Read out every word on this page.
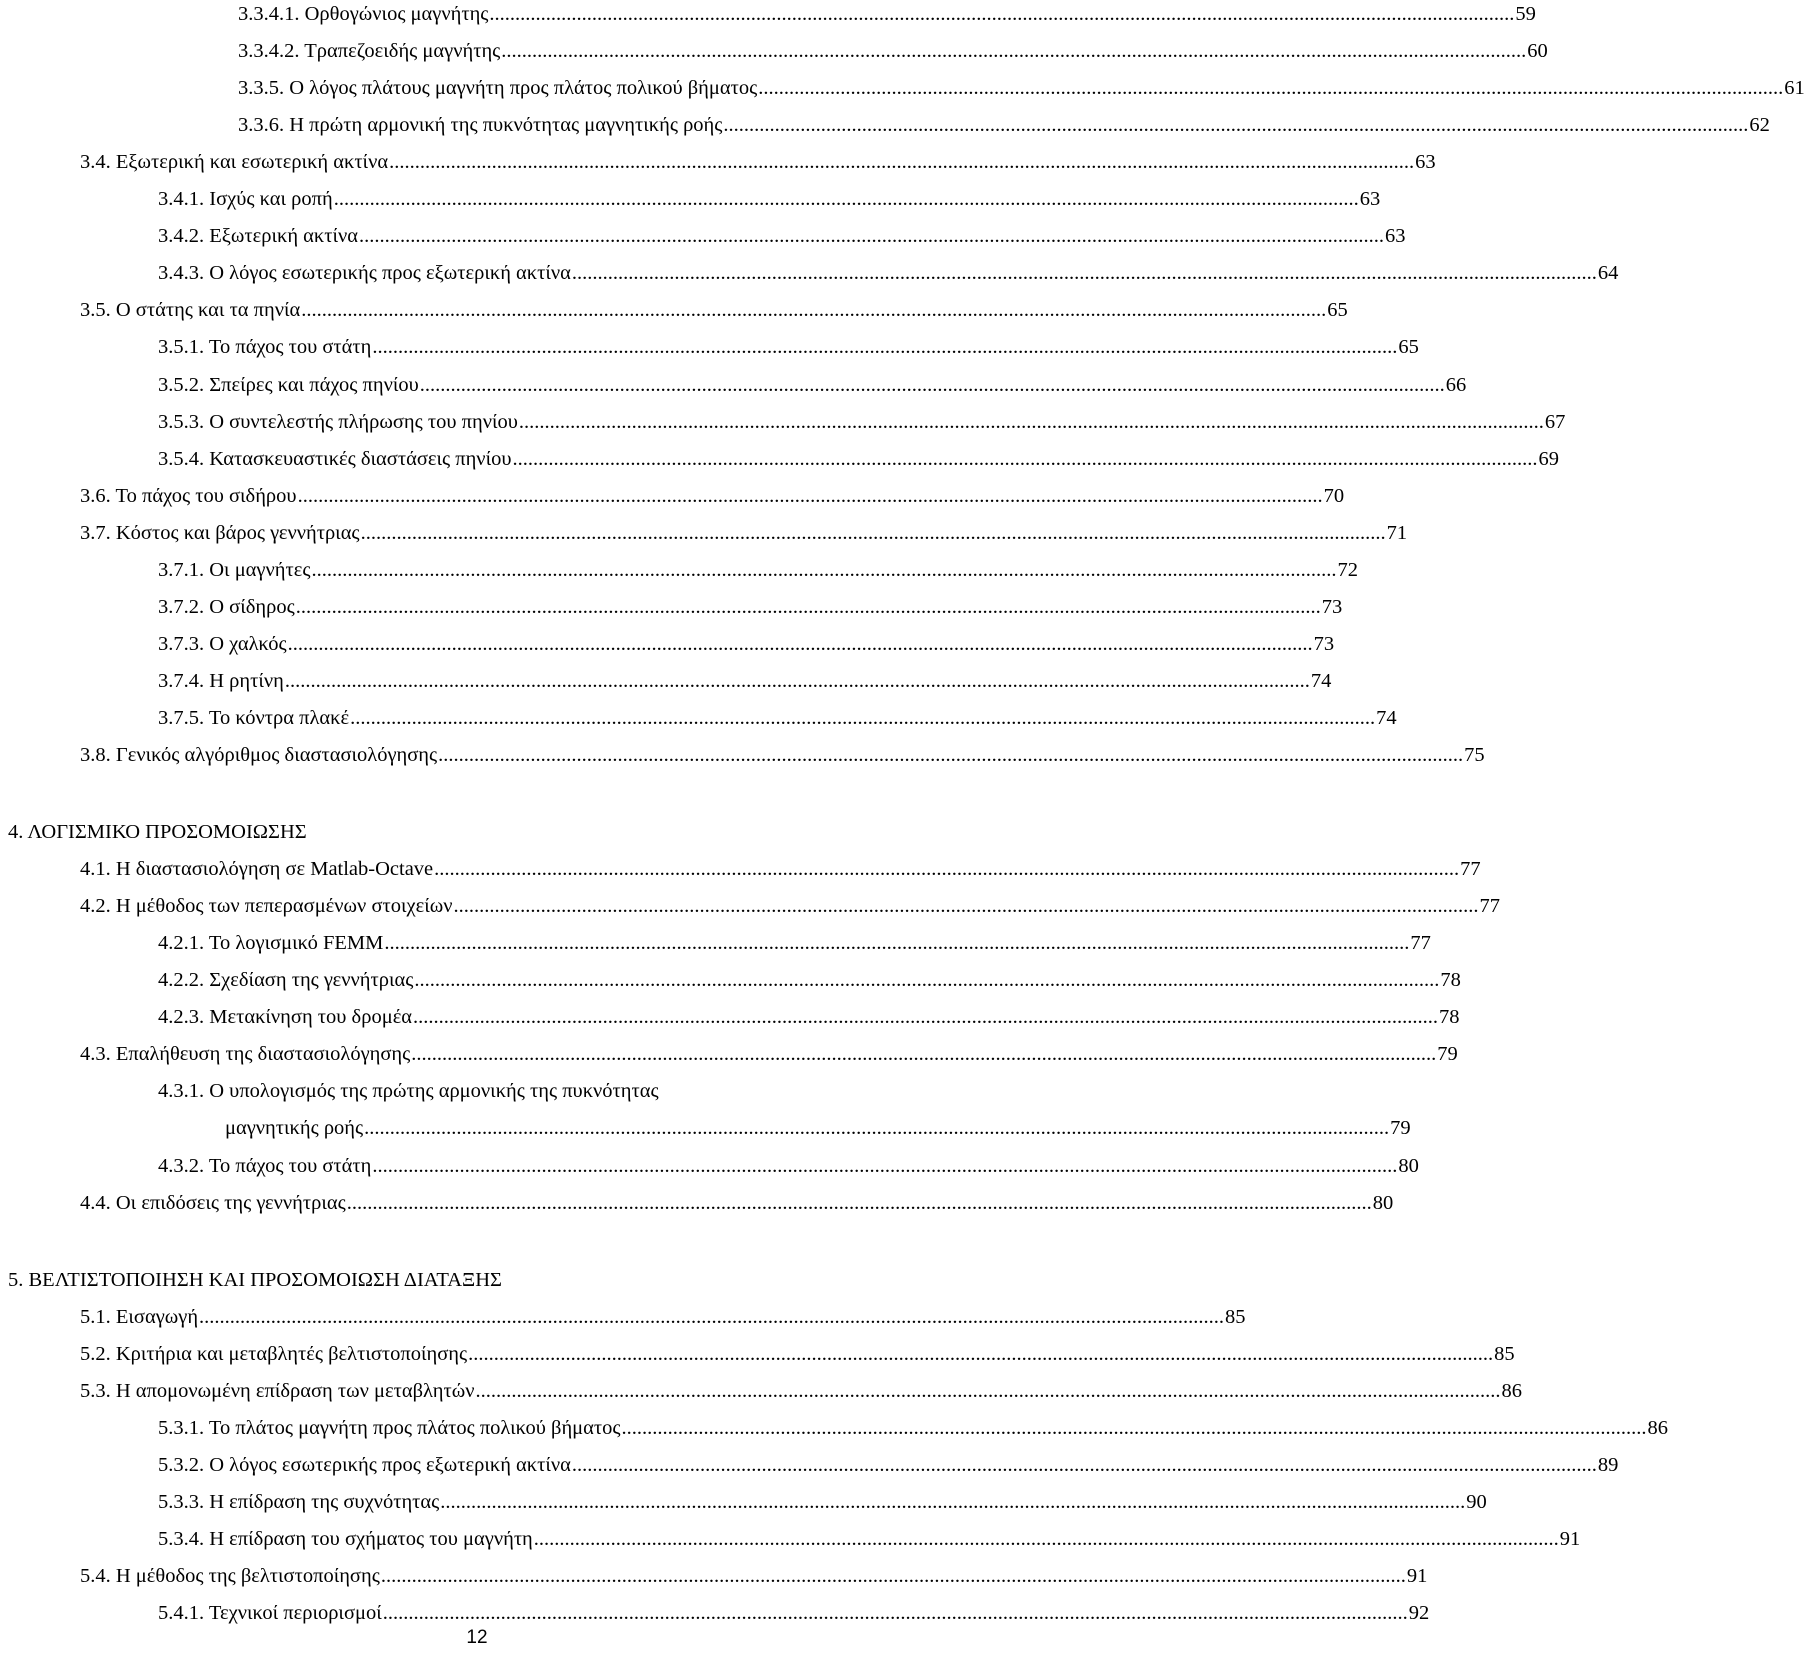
3.3.4.1. Ορθογώνιος μαγνήτης ........................................................................................................................................................................................................ 59
3.3.4.2. Τραπεζοειδής μαγνήτης ........................................................................................................................................................................................................ 60
3.3.5. Ο λόγος πλάτους μαγνήτη προς πλάτος πολικού βήματος ........................................................................................................................................................................................................ 61
3.3.6. Η πρώτη αρμονική της πυκνότητας μαγνητικής ροής ........................................................................................................................................................................................................ 62
3.4. Εξωτερική και εσωτερική ακτίνα ........................................................................................................................................................................................................ 63
3.4.1. Ισχύς και ροπή ........................................................................................................................................................................................................ 63
3.4.2. Εξωτερική ακτίνα ........................................................................................................................................................................................................ 63
3.4.3. Ο λόγος εσωτερικής προς εξωτερική ακτίνα ........................................................................................................................................................................................................ 64
3.5. Ο στάτης και τα πηνία ........................................................................................................................................................................................................ 65
3.5.1. Το πάχος του στάτη ........................................................................................................................................................................................................ 65
3.5.2. Σπείρες και πάχος πηνίου ........................................................................................................................................................................................................ 66
3.5.3. Ο συντελεστής πλήρωσης του πηνίου ........................................................................................................................................................................................................ 67
3.5.4. Κατασκευαστικές διαστάσεις πηνίου ........................................................................................................................................................................................................ 69
3.6. Το πάχος του σιδήρου ........................................................................................................................................................................................................ 70
3.7. Κόστος και βάρος γεννήτριας ........................................................................................................................................................................................................ 71
3.7.1. Οι μαγνήτες ........................................................................................................................................................................................................ 72
3.7.2. Ο σίδηρος ........................................................................................................................................................................................................ 73
3.7.3. Ο χαλκός ........................................................................................................................................................................................................ 73
3.7.4. Η ρητίνη ........................................................................................................................................................................................................ 74
3.7.5. Το κόντρα πλακέ ........................................................................................................................................................................................................ 74
3.8. Γενικός αλγόριθμος διαστασιολόγησης ........................................................................................................................................................................................................ 75
4. ΛΟΓΙΣΜΙΚΟ ΠΡΟΣΟΜΟΙΩΣΗΣ
4.1. Η διαστασιολόγηση σε Matlab-Octave ........................................................................................................................................................................................................ 77
4.2. Η μέθοδος των πεπερασμένων στοιχείων ........................................................................................................................................................................................................ 77
4.2.1. Το λογισμικό FEMM ........................................................................................................................................................................................................ 77
4.2.2. Σχεδίαση της γεννήτριας ........................................................................................................................................................................................................ 78
4.2.3. Μετακίνηση του δρομέα ........................................................................................................................................................................................................ 78
4.3. Επαλήθευση της διαστασιολόγησης ........................................................................................................................................................................................................ 79
4.3.1. Ο υπολογισμός της πρώτης αρμονικής της πυκνότητας
μαγνητικής ροής ........................................................................................................................................................................................................ 79
4.3.2. Το πάχος του στάτη ........................................................................................................................................................................................................ 80
4.4. Οι επιδόσεις της γεννήτριας ........................................................................................................................................................................................................ 80
5. ΒΕΛΤΙΣΤΟΠΟΙΗΣΗ ΚΑΙ ΠΡΟΣΟΜΟΙΩΣΗ ΔΙΑΤΑΞΗΣ
5.1. Εισαγωγή ........................................................................................................................................................................................................ 85
5.2. Κριτήρια και μεταβλητές βελτιστοποίησης ........................................................................................................................................................................................................ 85
5.3. Η απομονωμένη επίδραση των μεταβλητών ........................................................................................................................................................................................................ 86
5.3.1. Το πλάτος μαγνήτη προς πλάτος πολικού βήματος ........................................................................................................................................................................................................ 86
5.3.2. Ο λόγος εσωτερικής προς εξωτερική ακτίνα ........................................................................................................................................................................................................ 89
5.3.3. Η επίδραση της συχνότητας ........................................................................................................................................................................................................ 90
5.3.4. Η επίδραση του σχήματος του μαγνήτη ........................................................................................................................................................................................................ 91
5.4. Η μέθοδος της βελτιστοποίησης ........................................................................................................................................................................................................ 91
5.4.1. Τεχνικοί περιορισμοί ........................................................................................................................................................................................................ 92
12
